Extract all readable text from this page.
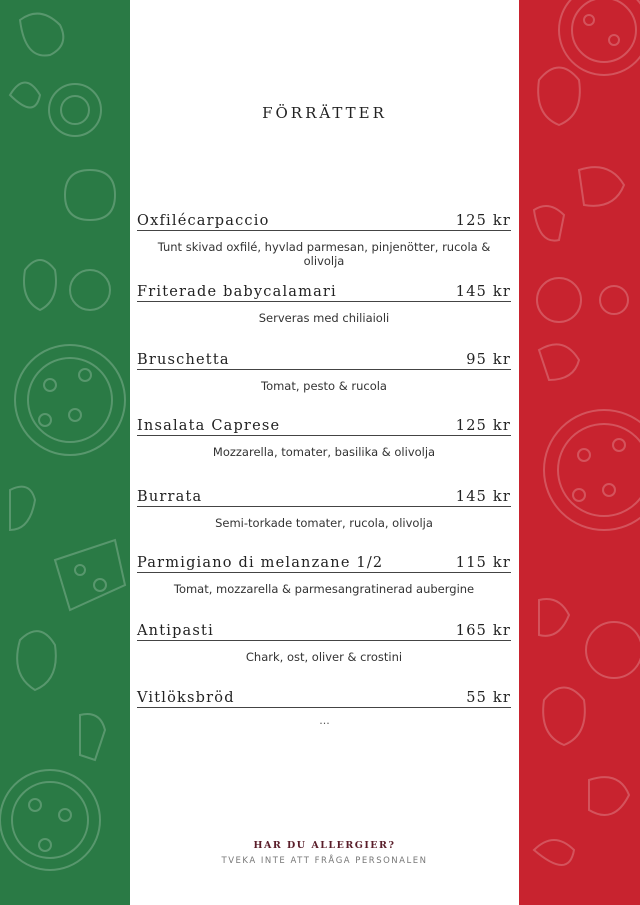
FÖRRÄTTER
Oxfilécarpaccio	125 kr
Tunt skivad oxfilé, hyvlad parmesan, pinjenötter, rucola & olivolja
Friterade babycalamari	145 kr
Serveras med chiliaioli
Bruschetta	95 kr
Tomat, pesto & rucola
Insalata Caprese	125 kr
Mozzarella, tomater, basilika & olivolja
Burrata	145 kr
Semi-torkade tomater, rucola, olivolja
Parmigiano di melanzane 1/2	115 kr
Tomat, mozzarella & parmesangratinerad aubergine
Antipasti	165 kr
Chark, ost, oliver & crostini
Vitlöksbröd	55 kr
...
HAR DU ALLERGIER?
TVEKA INTE ATT FRÅGA PERSONALEN
